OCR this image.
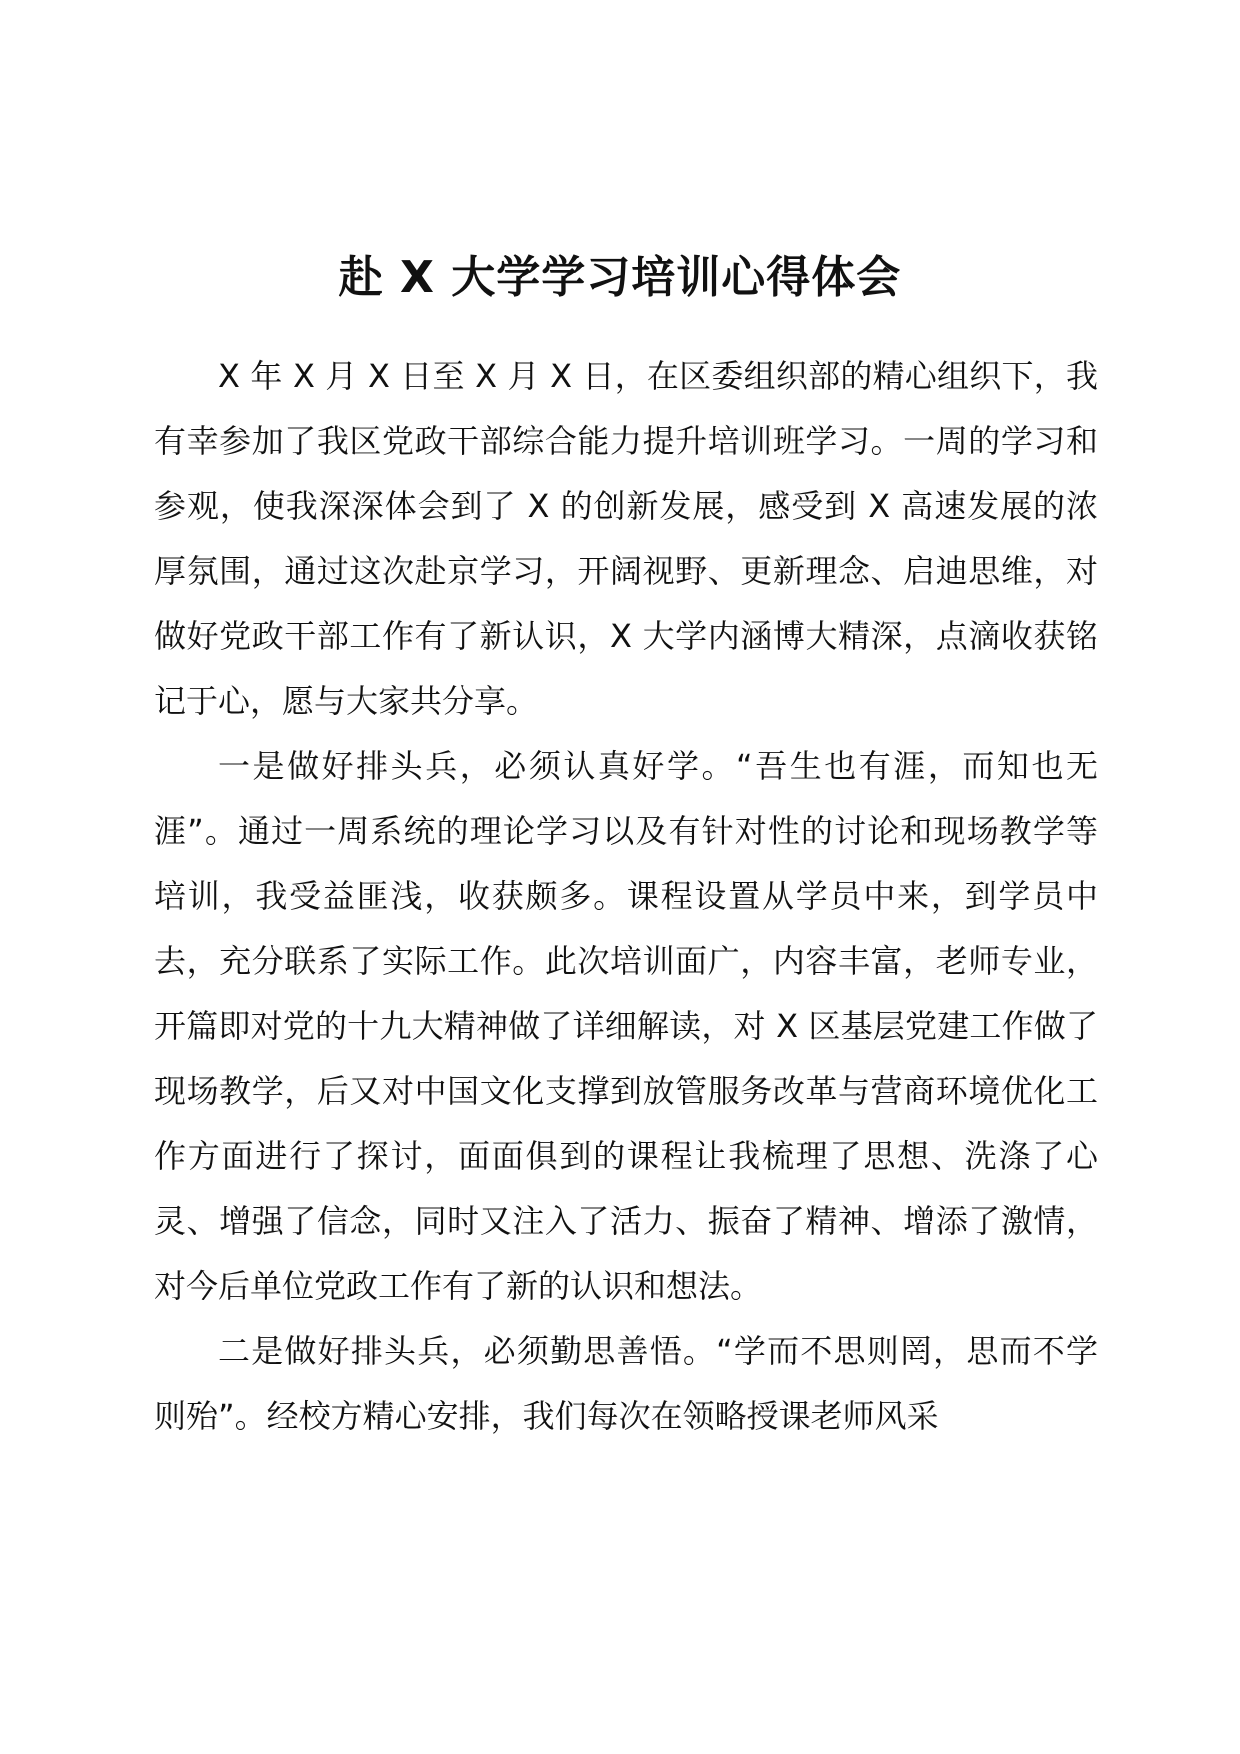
赴 X 大学学习培训心得体会

X 年 X 月 X 日至 X 月 X 日，在区委组织部的精心组织下，我有幸参加了我区党政干部综合能力提升培训班学习。一周的学习和参观，使我深深体会到了 X 的创新发展，感受到 X 高速发展的浓厚氛围，通过这次赴京学习，开阔视野、更新理念、启迪思维，对做好党政干部工作有了新认识，X 大学内涵博大精深，点滴收获铭记于心，愿与大家共分享。

一是做好排头兵，必须认真好学。“吾生也有涯，而知也无涯”。通过一周系统的理论学习以及有针对性的讨论和现场教学等培训，我受益匪浅，收获颇多。课程设置从学员中来，到学员中去，充分联系了实际工作。此次培训面广，内容丰富，老师专业，开篇即对党的十九大精神做了详细解读，对 X 区基层党建工作做了现场教学，后又对中国文化支撑到放管服务改革与营商环境优化工作方面进行了探讨，面面俱到的课程让我梳理了思想、洗涤了心灵、增强了信念，同时又注入了活力、振奋了精神、增添了激情，对今后单位党政工作有了新的认识和想法。

二是做好排头兵，必须勤思善悟。“学而不思则罔，思而不学则殆”。经校方精心安排，我们每次在领略授课老师风采
